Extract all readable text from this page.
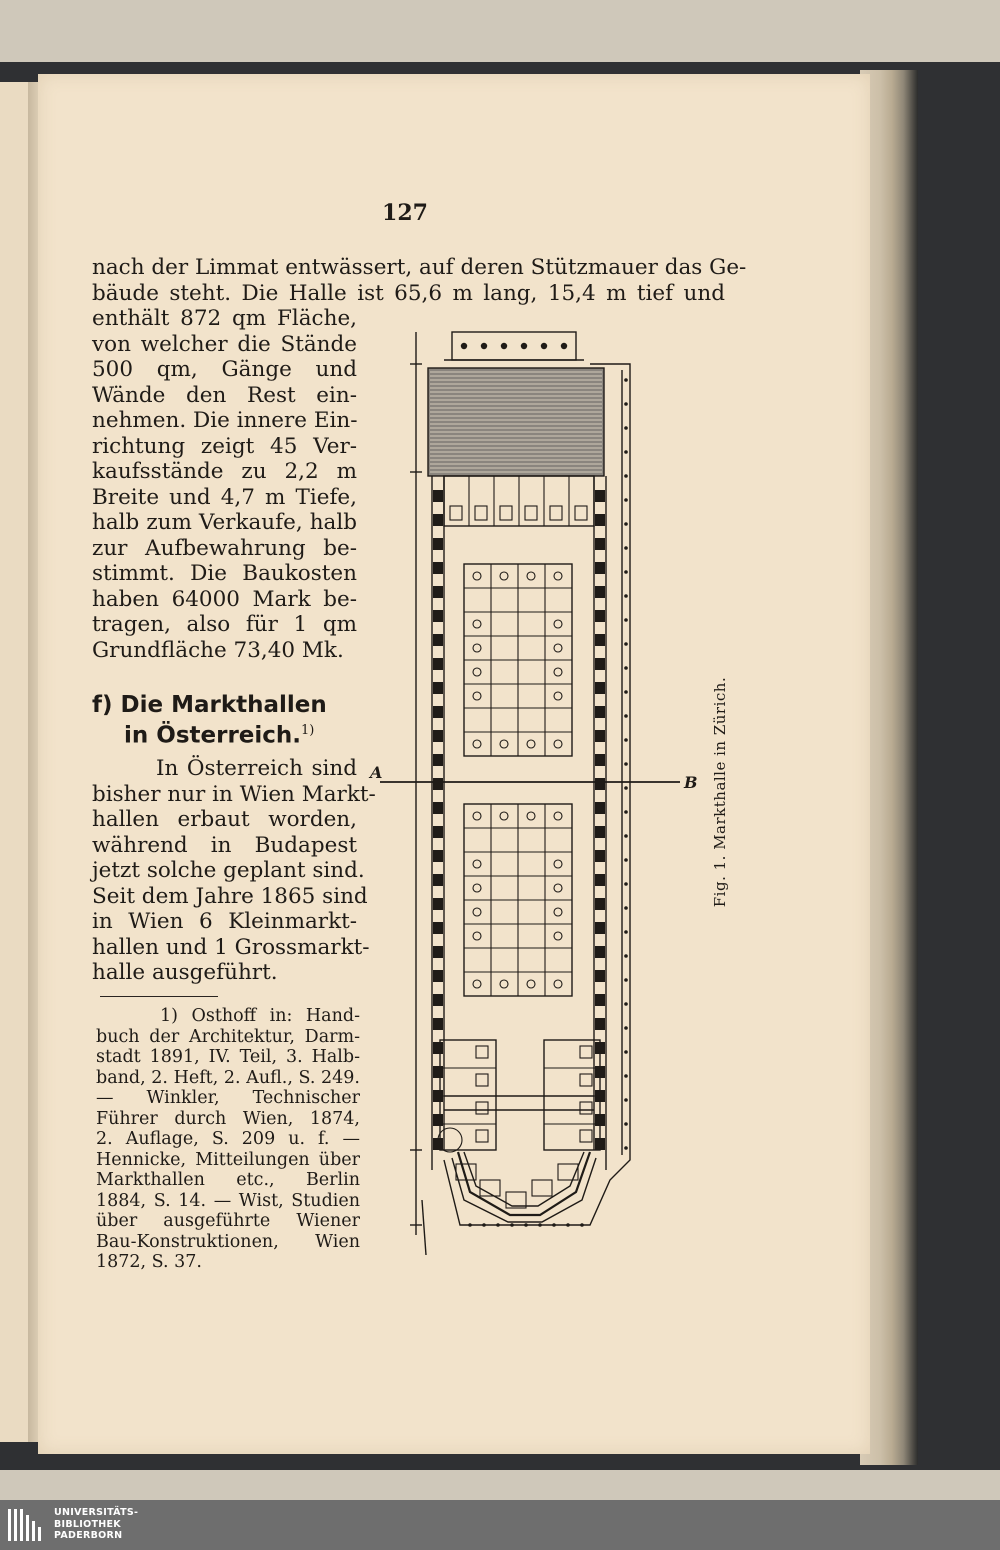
127
nach der Limmat entwässert, auf deren Stützmauer das Ge-
bäude steht. Die Halle ist 65,6 m lang, 15,4 m tief und
enthält 872 qm Fläche,
von welcher die Stände
500 qm, Gänge und
Wände den Rest ein-
nehmen. Die innere Ein-
richtung zeigt 45 Ver-
kaufsstände zu 2,2 m
Breite und 4,7 m Tiefe,
halb zum Verkaufe, halb
zur Aufbewahrung be-
stimmt. Die Baukosten
haben 64000 Mark be-
tragen, also für 1 qm
Grundfläche 73,40 Mk.
f) Die Markthallen
in Österreich.$^{1)}$
In Österreich sind
bisher nur in Wien Markt-
hallen erbaut worden,
während in Budapest
jetzt solche geplant sind.
Seit dem Jahre 1865 sind
in Wien 6 Kleinmarkt-
hallen und 1 Grossmarkt-
halle ausgeführt.
1) Osthoff in: Hand-
buch der Architektur, Darm-
stadt 1891, IV. Teil, 3. Halb-
band, 2. Heft, 2. Aufl., S. 249.
— Winkler, Technischer
Führer durch Wien, 1874,
2. Auflage, S. 209 u. f. —
Hennicke, Mitteilungen über
Markthallen etc., Berlin
1884, S. 14. — Wist, Studien
über ausgeführte Wiener
Bau-Konstruktionen, Wien
1872, S. 37.
A
B Fig. 1. Markthalle in Zürich.
UNIVERSITÄTS-
BIBLIOTHEK
PADERBORN
